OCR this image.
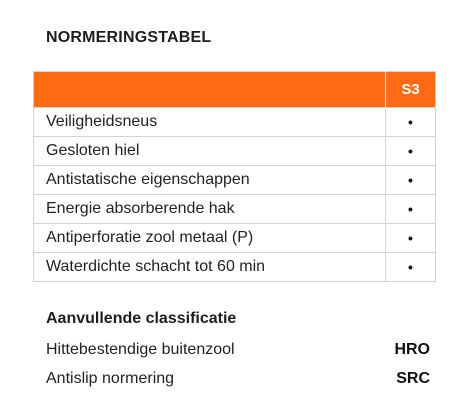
NORMERINGSTABEL
	S3
Veiligheidsneus	•
Gesloten hiel	•
Antistatische eigenschappen	•
Energie absorberende hak	•
Antiperforatie zool metaal (P)	•
Waterdichte schacht tot 60 min	•
Aanvullende classificatie
Hittebestendige buitenzool	HRO
Antislip normering	SRC
